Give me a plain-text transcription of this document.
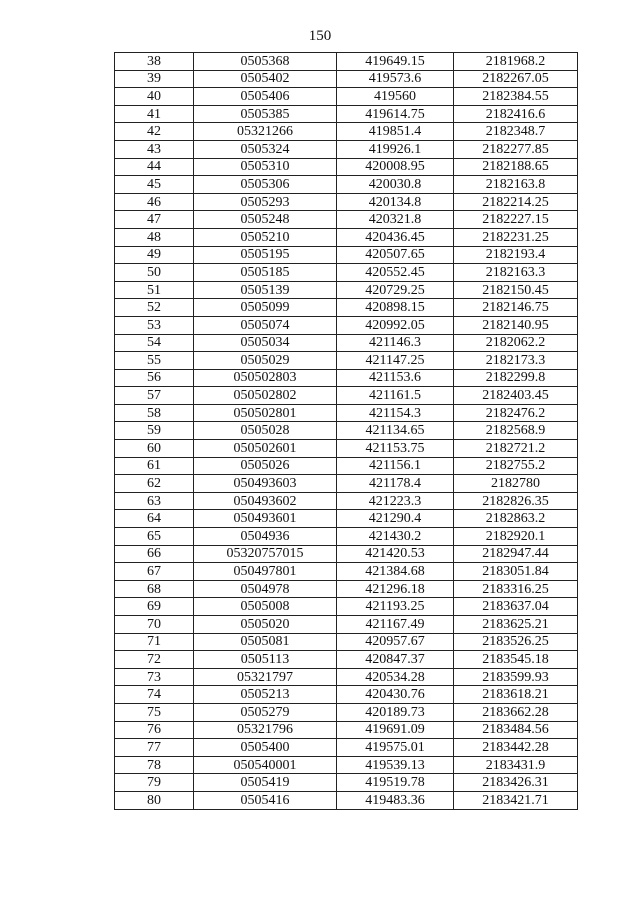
150
38	0505368	419649.15	2181968.2
39	0505402	419573.6	2182267.05
40	0505406	419560	2182384.55
41	0505385	419614.75	2182416.6
42	05321266	419851.4	2182348.7
43	0505324	419926.1	2182277.85
44	0505310	420008.95	2182188.65
45	0505306	420030.8	2182163.8
46	0505293	420134.8	2182214.25
47	0505248	420321.8	2182227.15
48	0505210	420436.45	2182231.25
49	0505195	420507.65	2182193.4
50	0505185	420552.45	2182163.3
51	0505139	420729.25	2182150.45
52	0505099	420898.15	2182146.75
53	0505074	420992.05	2182140.95
54	0505034	421146.3	2182062.2
55	0505029	421147.25	2182173.3
56	050502803	421153.6	2182299.8
57	050502802	421161.5	2182403.45
58	050502801	421154.3	2182476.2
59	0505028	421134.65	2182568.9
60	050502601	421153.75	2182721.2
61	0505026	421156.1	2182755.2
62	050493603	421178.4	2182780
63	050493602	421223.3	2182826.35
64	050493601	421290.4	2182863.2
65	0504936	421430.2	2182920.1
66	05320757015	421420.53	2182947.44
67	050497801	421384.68	2183051.84
68	0504978	421296.18	2183316.25
69	0505008	421193.25	2183637.04
70	0505020	421167.49	2183625.21
71	0505081	420957.67	2183526.25
72	0505113	420847.37	2183545.18
73	05321797	420534.28	2183599.93
74	0505213	420430.76	2183618.21
75	0505279	420189.73	2183662.28
76	05321796	419691.09	2183484.56
77	0505400	419575.01	2183442.28
78	050540001	419539.13	2183431.9
79	0505419	419519.78	2183426.31
80	0505416	419483.36	2183421.71
